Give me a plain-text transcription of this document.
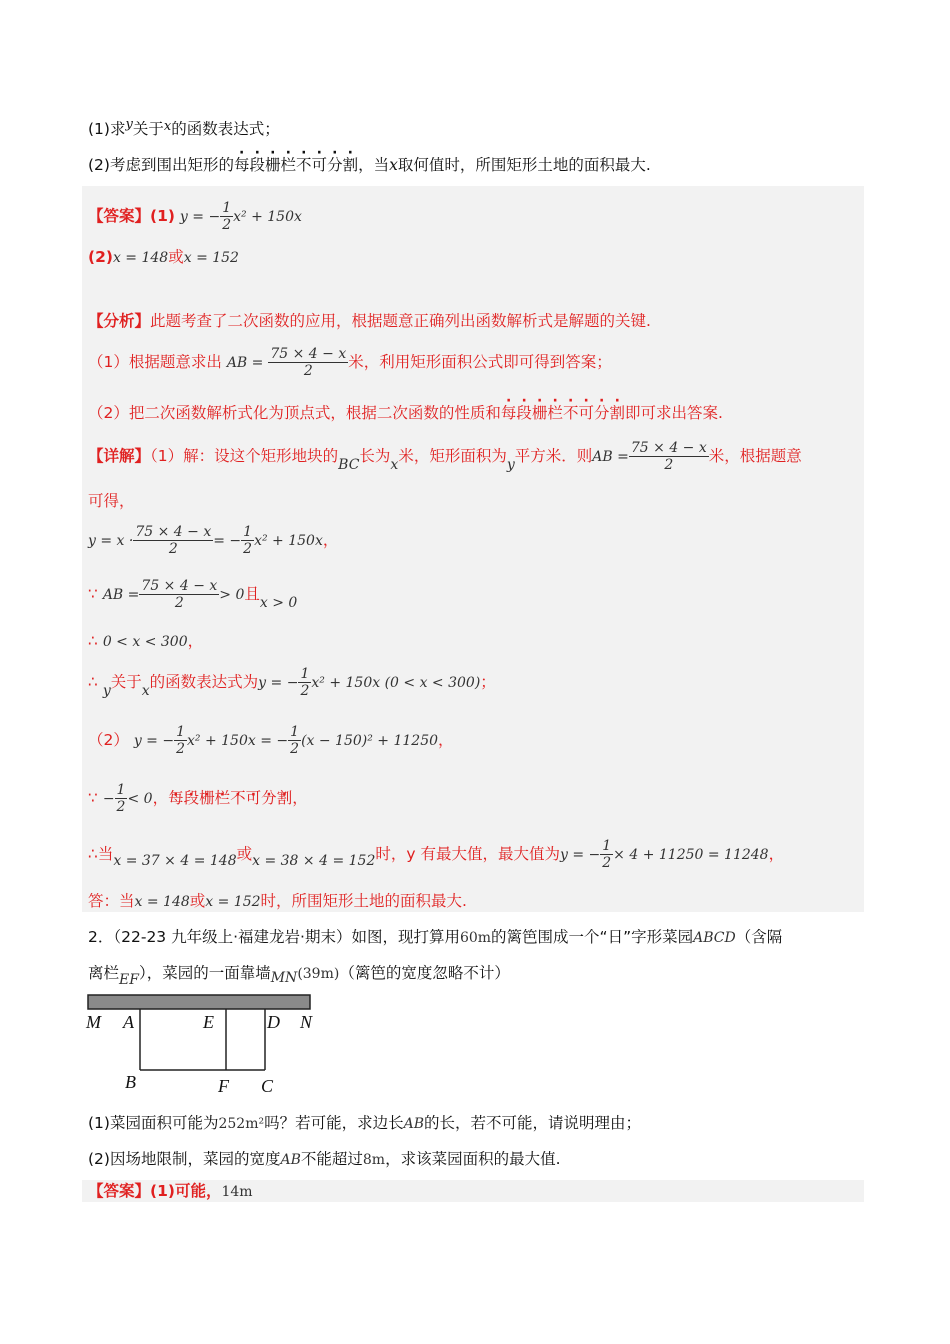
(1)求$^y$关于$^x$的函数表达式；
(2)考虑到围出矩形的每段栅栏不可分割，当x取何值时，所围矩形土地的面积最大.
【答案】(1) y = − $\frac{1}{2} x^2 + 150x$
(2)x = 148或x = 152
【分析】此题考查了二次函数的应用，根据题意正确列出函数解析式是解题的关键.
（1）根据题意求出 AB = $\frac{75 \times 4 - x}{2}$ 米，利用矩形面积公式即可得到答案；
（2）把二次函数解析式化为顶点式，根据二次函数的性质和每段栅栏不可分割即可求出答案.
【详解】（1）解：设这个矩形地块的BC长为x米，矩形面积为y平方米．则AB = $\frac{75 \times 4 - x}{2}$ 米，根据题意
可得，
$y = x \cdot \frac{75 \times 4 - x}{2}$ = − $\frac{1}{2} x^2 + 150x$，
∵ AB = $\frac{75 \times 4 - x}{2} > 0$且x > 0
∴ 0 < x < 300，
∴ y关于x的函数表达式为y = − $\frac{1}{2} x^2 + 150x$ (0 < x < 300)；
（2） y = − $\frac{1}{2} x^2 + 150x$ = − $\frac{1}{2} (x - 150)^2 + 11250$，
∵ − $\frac{1}{2} < 0$，每 ·段 ·栅 ·栏 ·不 ·可 ·分 ·割 ·，
∴当x = 37 × 4 = 148或x = 38 × 4 = 152时，y 有最大值，最大值为y = − $\frac{1}{2} \times 4 + 11250 = 11248$，
答：当x = 148或x = 152时，所围矩形土地的面积最大.
2．（22-23 九年级上·福建龙岩·期末）如图，现打算用60m的篱笆围成一个“日”字形菜园ABCD（含隔
离栏EF），菜园的一面靠墙MN(39m)（篱笆的宽度忽略不计）
M A	E	D N
B	F C
(1)菜园面积可能为252m²吗？若可能，求边长AB的长，若不可能，请说明理由；
(2)因场地限制，菜园的宽度AB不能超过8m，求该菜园面积的最大值.
【答案】(1)可能，14m
